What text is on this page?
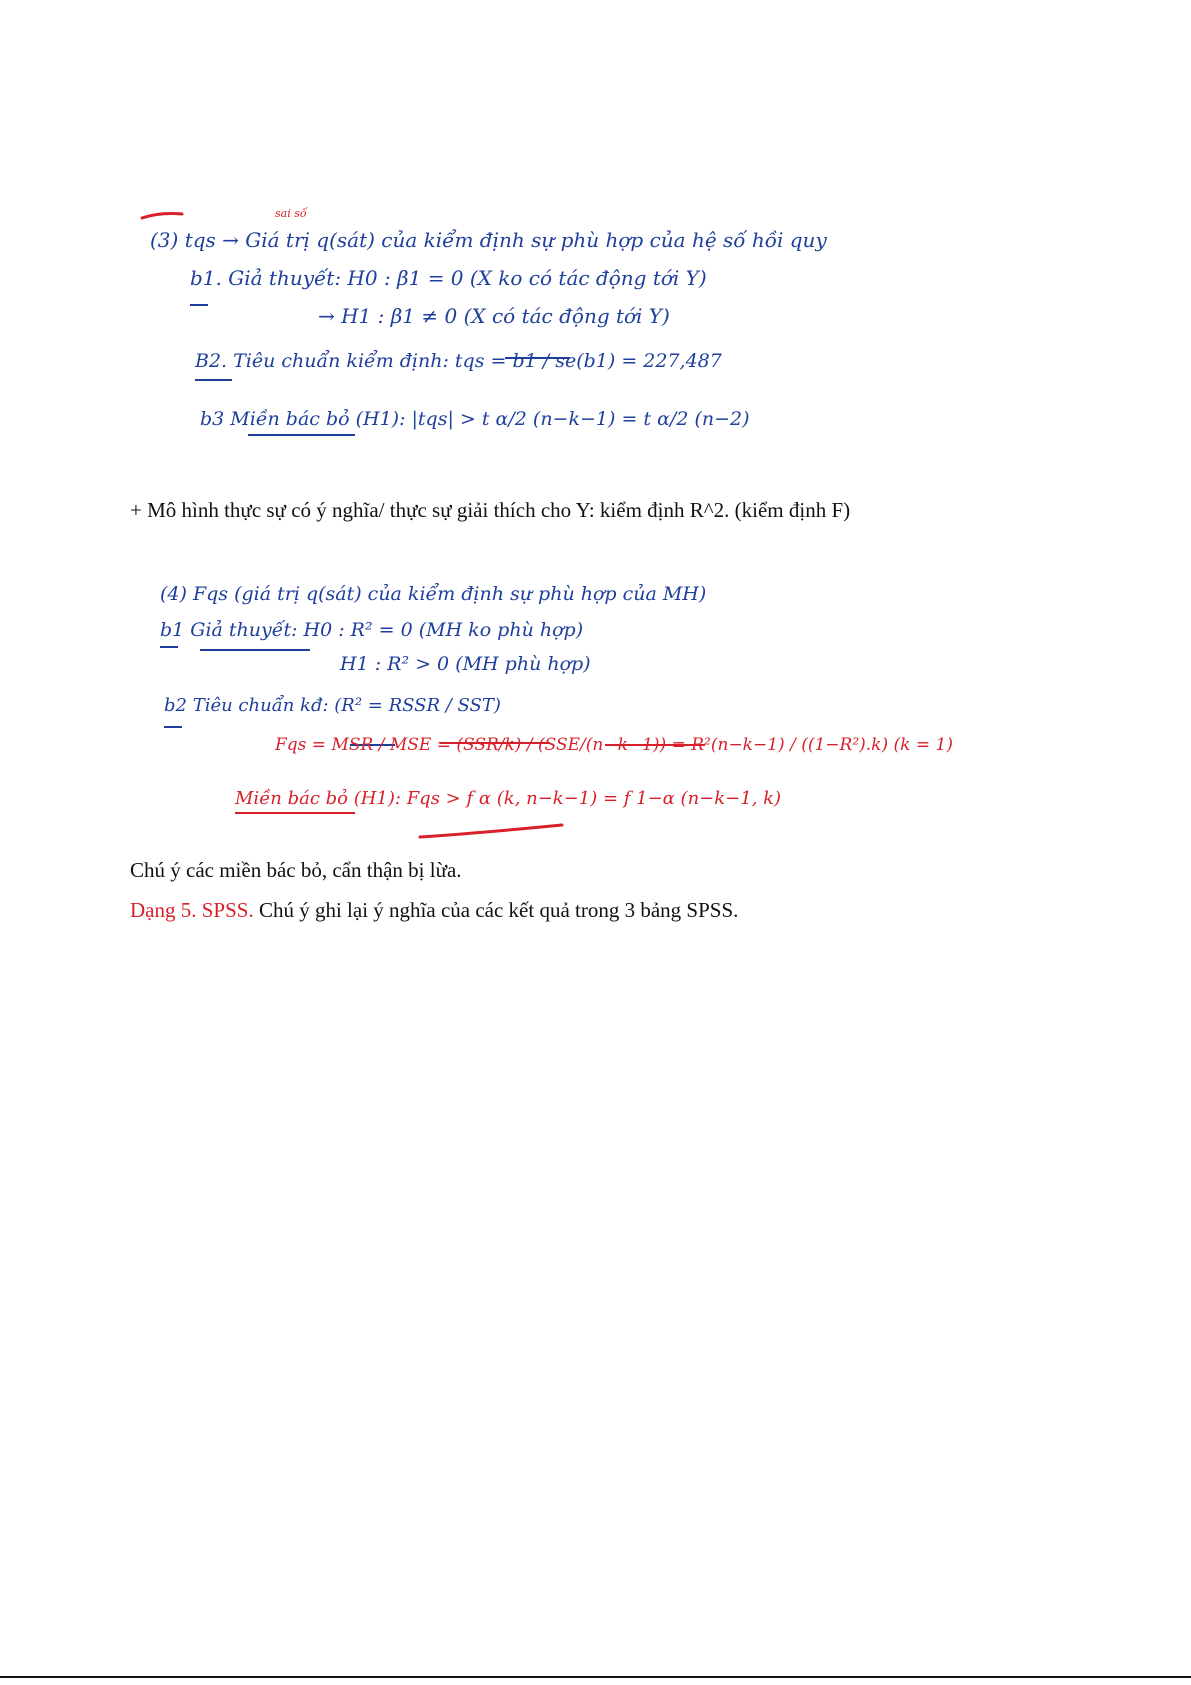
sai số
(3) tqs → Giá trị q(sát) của kiểm định sự phù hợp của hệ số hồi quy
b1. Giả thuyết: H0 : β1 = 0 (X ko có tác động tới Y)
→ H1 : β1 ≠ 0 (X có tác động tới Y)
B2. Tiêu chuẩn kiểm định: tqs = b1 / se(b1) = 227,487
b3 Miền bác bỏ (H1): |tqs| > t α/2 (n−k−1) = t α/2 (n−2)
+ Mô hình thực sự có ý nghĩa/ thực sự giải thích cho Y: kiểm định R^2. (kiểm định F)
(4) Fqs (giá trị q(sát) của kiểm định sự phù hợp của MH)
b1 Giả thuyết: H0 : R² = 0 (MH ko phù hợp)
H1 : R² > 0 (MH phù hợp)
b2 Tiêu chuẩn kđ: (R² = RSSR / SST)
Fqs = MSR / MSE = (SSR/k) / (SSE/(n−k−1)) = R²(n−k−1) / ((1−R²).k) (k = 1)
Miền bác bỏ (H1): Fqs > f α (k, n−k−1) = f 1−α (n−k−1, k)
Chú ý các miền bác bỏ, cẩn thận bị lừa.
Dạng 5. SPSS. Chú ý ghi lại ý nghĩa của các kết quả trong 3 bảng SPSS.
